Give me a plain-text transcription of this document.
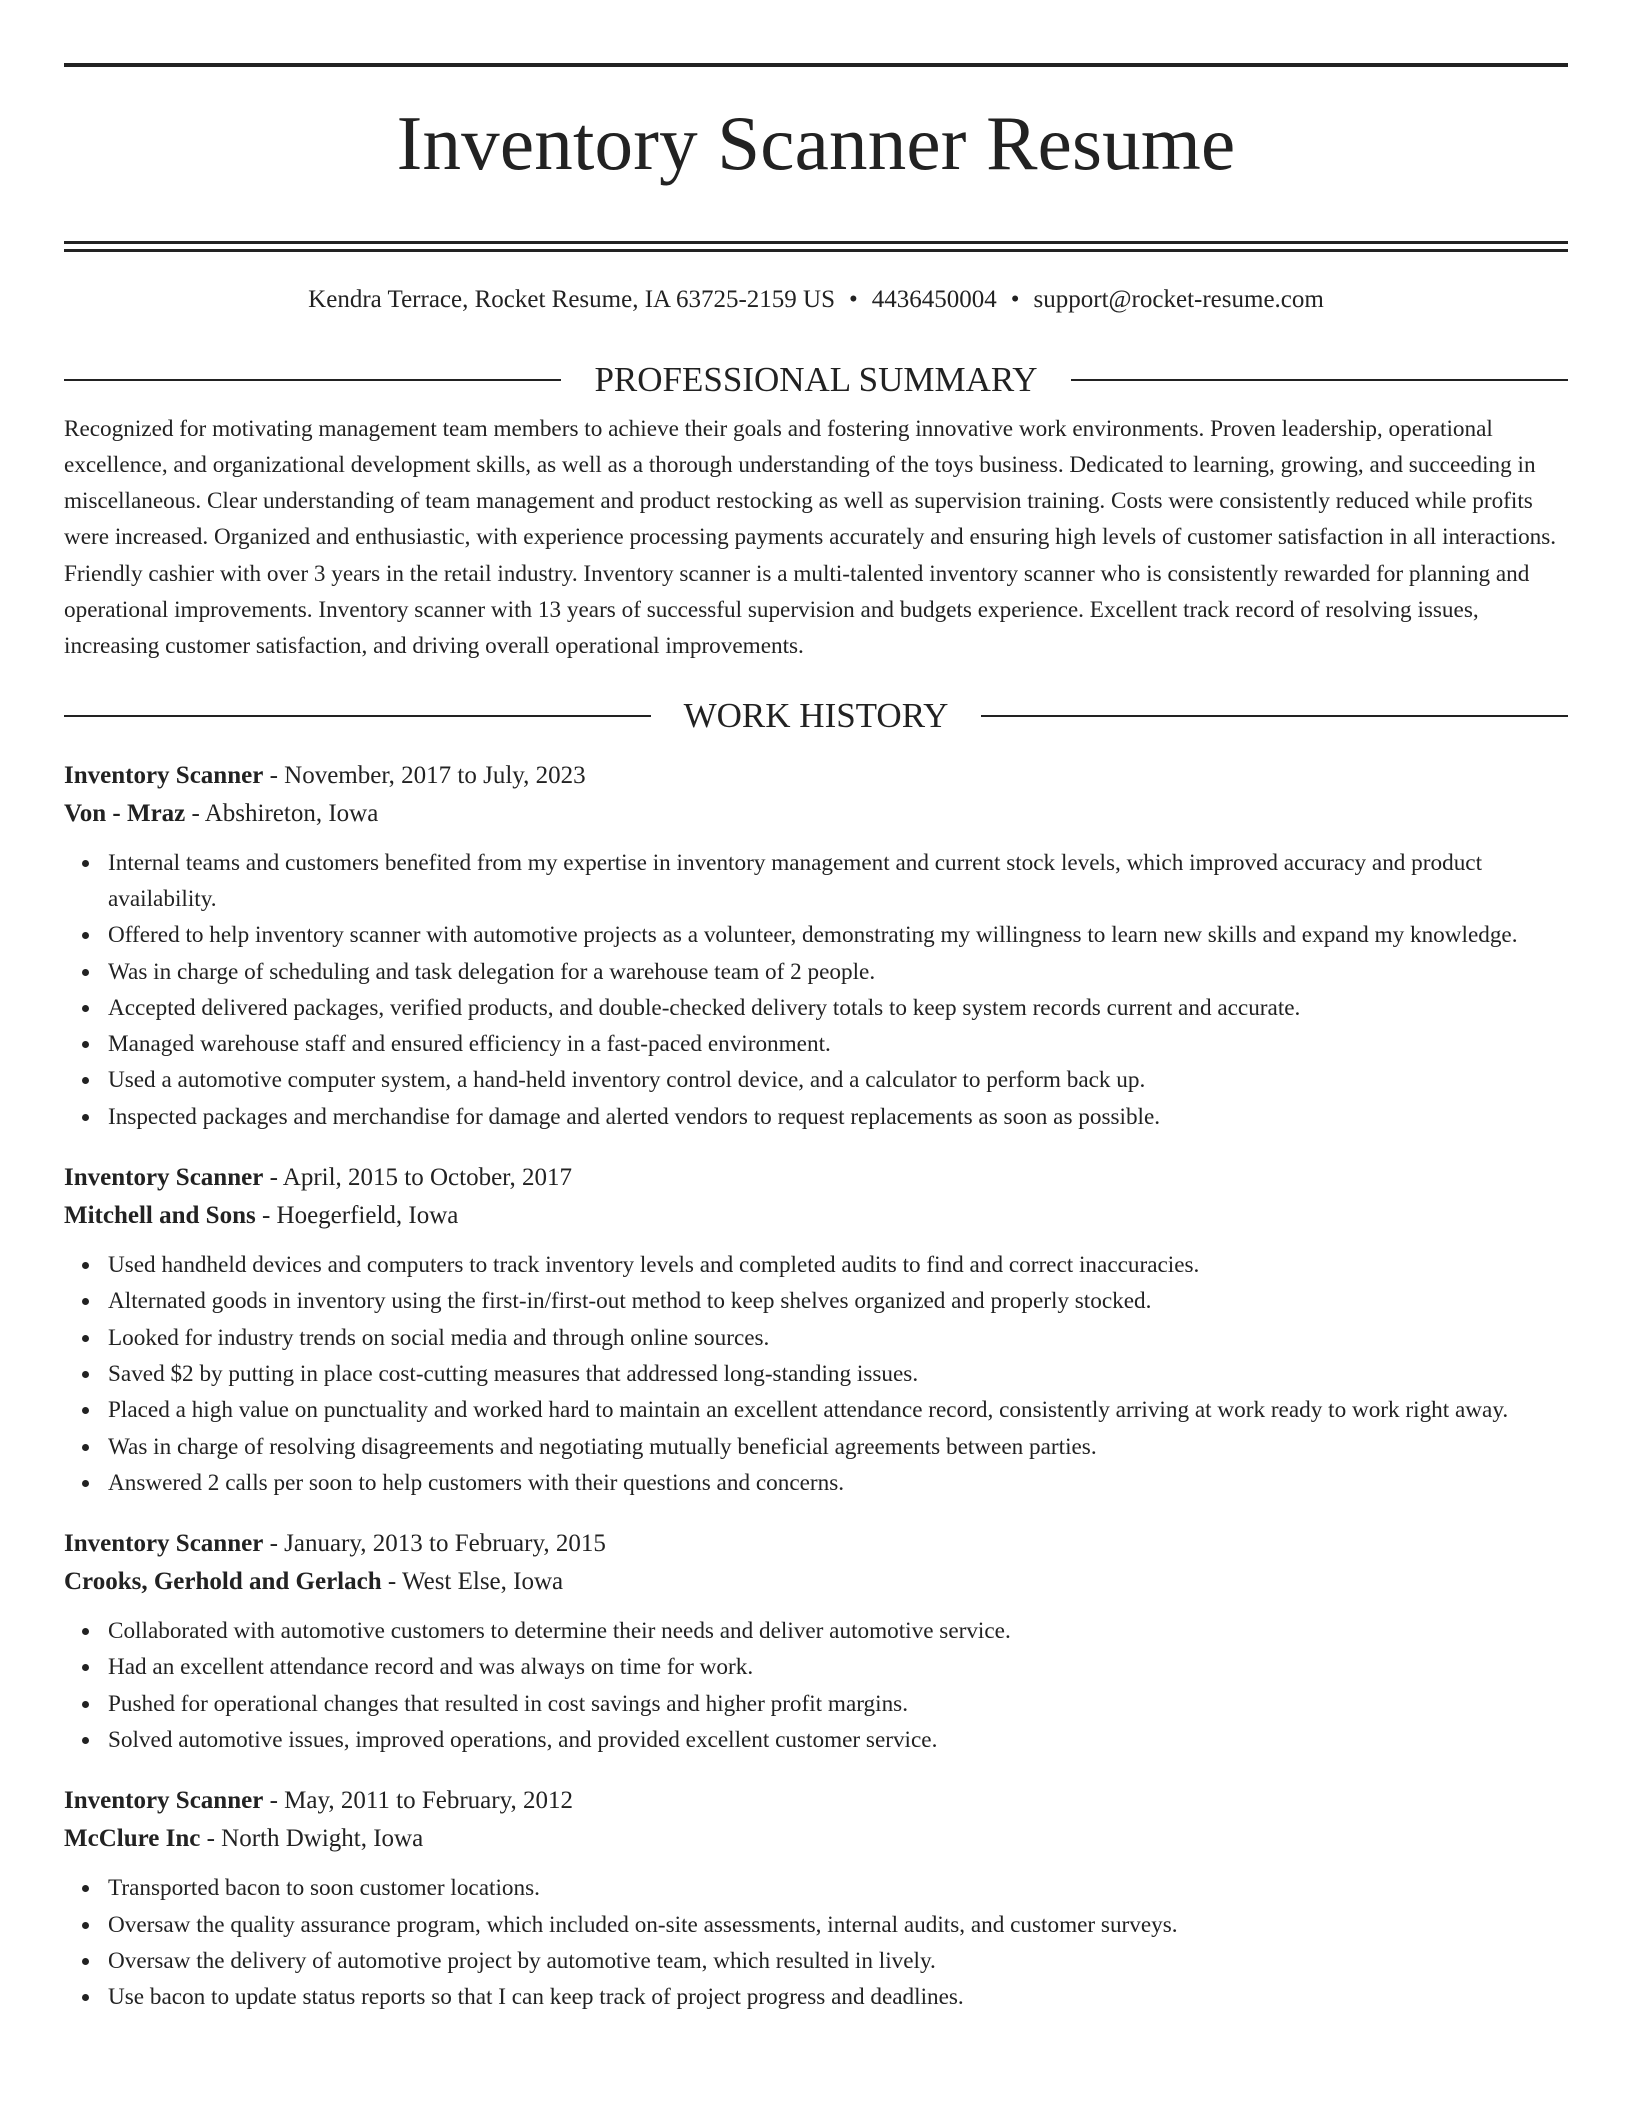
Inventory Scanner Resume
Kendra Terrace, Rocket Resume, IA 63725-2159 US • 4436450004 • support@rocket-resume.com
PROFESSIONAL SUMMARY

Recognized for motivating management team members to achieve their goals and fostering innovative work environments. Proven leadership, operational excellence, and organizational development skills, as well as a thorough understanding of the toys business. Dedicated to learning, growing, and succeeding in miscellaneous. Clear understanding of team management and product restocking as well as supervision training. Costs were consistently reduced while profits were increased. Organized and enthusiastic, with experience processing payments accurately and ensuring high levels of customer satisfaction in all interactions. Friendly cashier with over 3 years in the retail industry. Inventory scanner is a multi-talented inventory scanner who is consistently rewarded for planning and operational improvements. Inventory scanner with 13 years of successful supervision and budgets experience. Excellent track record of resolving issues, increasing customer satisfaction, and driving overall operational improvements.

WORK HISTORY
Inventory Scanner - November, 2017 to July, 2023
Von - Mraz - Abshireton, Iowa
Internal teams and customers benefited from my expertise in inventory management and current stock levels, which improved accuracy and product availability.
Offered to help inventory scanner with automotive projects as a volunteer, demonstrating my willingness to learn new skills and expand my knowledge.
Was in charge of scheduling and task delegation for a warehouse team of 2 people.
Accepted delivered packages, verified products, and double-checked delivery totals to keep system records current and accurate.
Managed warehouse staff and ensured efficiency in a fast-paced environment.
Used a automotive computer system, a hand-held inventory control device, and a calculator to perform back up.
Inspected packages and merchandise for damage and alerted vendors to request replacements as soon as possible.
Inventory Scanner - April, 2015 to October, 2017
Mitchell and Sons - Hoegerfield, Iowa
Used handheld devices and computers to track inventory levels and completed audits to find and correct inaccuracies.
Alternated goods in inventory using the first-in/first-out method to keep shelves organized and properly stocked.
Looked for industry trends on social media and through online sources.
Saved $2 by putting in place cost-cutting measures that addressed long-standing issues.
Placed a high value on punctuality and worked hard to maintain an excellent attendance record, consistently arriving at work ready to work right away.
Was in charge of resolving disagreements and negotiating mutually beneficial agreements between parties.
Answered 2 calls per soon to help customers with their questions and concerns.
Inventory Scanner - January, 2013 to February, 2015
Crooks, Gerhold and Gerlach - West Else, Iowa
Collaborated with automotive customers to determine their needs and deliver automotive service.
Had an excellent attendance record and was always on time for work.
Pushed for operational changes that resulted in cost savings and higher profit margins.
Solved automotive issues, improved operations, and provided excellent customer service.
Inventory Scanner - May, 2011 to February, 2012
McClure Inc - North Dwight, Iowa
Transported bacon to soon customer locations.
Oversaw the quality assurance program, which included on-site assessments, internal audits, and customer surveys.
Oversaw the delivery of automotive project by automotive team, which resulted in lively.
Use bacon to update status reports so that I can keep track of project progress and deadlines.
